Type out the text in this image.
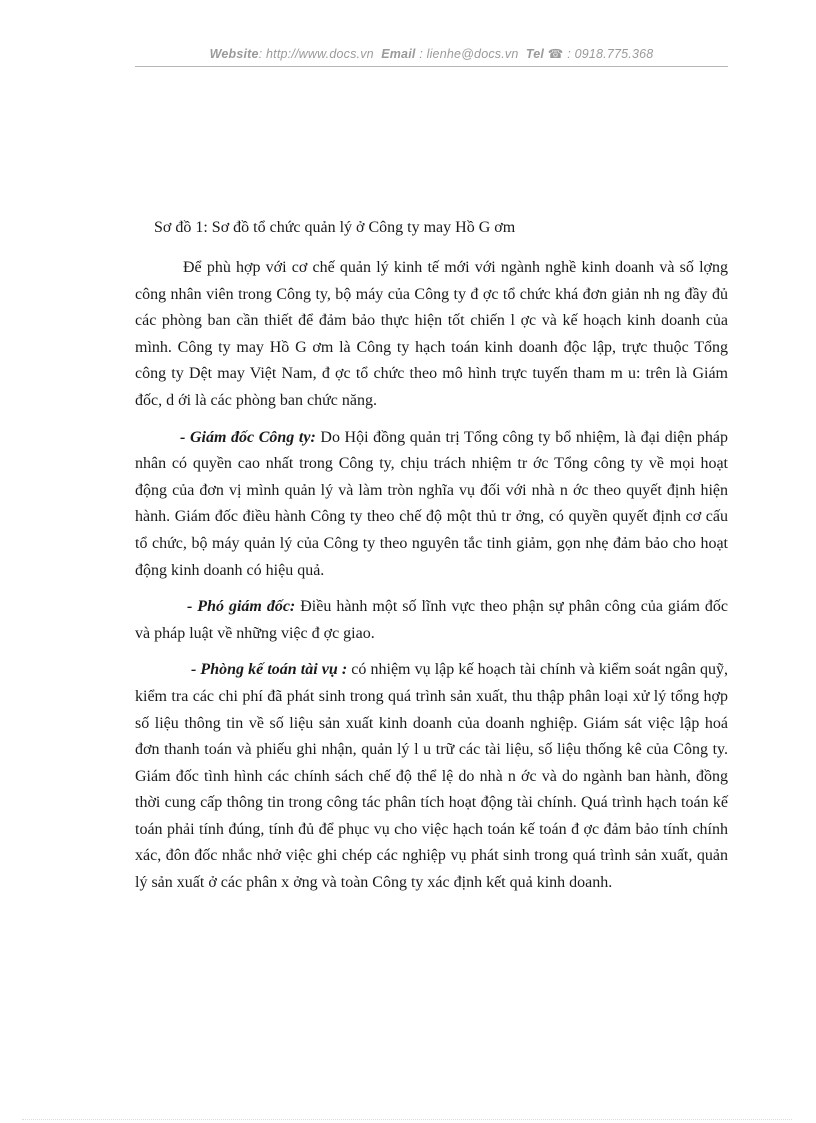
Website: http://www.docs.vn Email : lienhe@docs.vn Tel ☎ : 0918.775.368

Sơ đồ 1: Sơ đồ tổ chức quản lý ở Công ty may Hồ G ơm

Để phù hợp với cơ chế quản lý kinh tế mới với ngành nghề kinh doanh và số lợng công nhân viên trong Công ty, bộ máy của Công ty đ ợc tổ chức khá đơn giản nh ng đầy đủ các phòng ban cần thiết để đảm bảo thực hiện tốt chiến l ợc và kế hoạch kinh doanh của mình. Công ty may Hồ G ơm là Công ty hạch toán kinh doanh độc lập, trực thuộc Tổng công ty Dệt may Việt Nam, đ ợc tổ chức theo mô hình trực tuyến tham m u: trên là Giám đốc, d ới là các phòng ban chức năng.

- Giám đốc Công ty: Do Hội đồng quản trị Tổng công ty bổ nhiệm, là đại diện pháp nhân có quyền cao nhất trong Công ty, chịu trách nhiệm tr ớc Tổng công ty về mọi hoạt động của đơn vị mình quản lý và làm tròn nghĩa vụ đối với nhà n ớc theo quyết định hiện hành. Giám đốc điều hành Công ty theo chế độ một thủ tr ởng, có quyền quyết định cơ cấu tổ chức, bộ máy quản lý của Công ty theo nguyên tắc tinh giảm, gọn nhẹ đảm bảo cho hoạt động kinh doanh có hiệu quả.

- Phó giám đốc: Điều hành một số lĩnh vực theo phận sự phân công của giám đốc và pháp luật về những việc đ ợc giao.

- Phòng kế toán tài vụ : có nhiệm vụ lập kế hoạch tài chính và kiểm soát ngân quỹ, kiểm tra các chi phí đã phát sinh trong quá trình sản xuất, thu thập phân loại xử lý tổng hợp số liệu thông tin về số liệu sản xuất kinh doanh của doanh nghiệp. Giám sát việc lập hoá đơn thanh toán và phiếu ghi nhận, quản lý l u trữ các tài liệu, số liệu thống kê của Công ty. Giám đốc tình hình các chính sách chế độ thể lệ do nhà n ớc và do ngành ban hành, đồng thời cung cấp thông tin trong công tác phân tích hoạt động tài chính. Quá trình hạch toán kế toán phải tính đúng, tính đủ để phục vụ cho việc hạch toán kế toán đ ợc đảm bảo tính chính xác, đôn đốc nhắc nhở việc ghi chép các nghiệp vụ phát sinh trong quá trình sản xuất, quản lý sản xuất ở các phân x ởng và toàn Công ty xác định kết quả kinh doanh.
